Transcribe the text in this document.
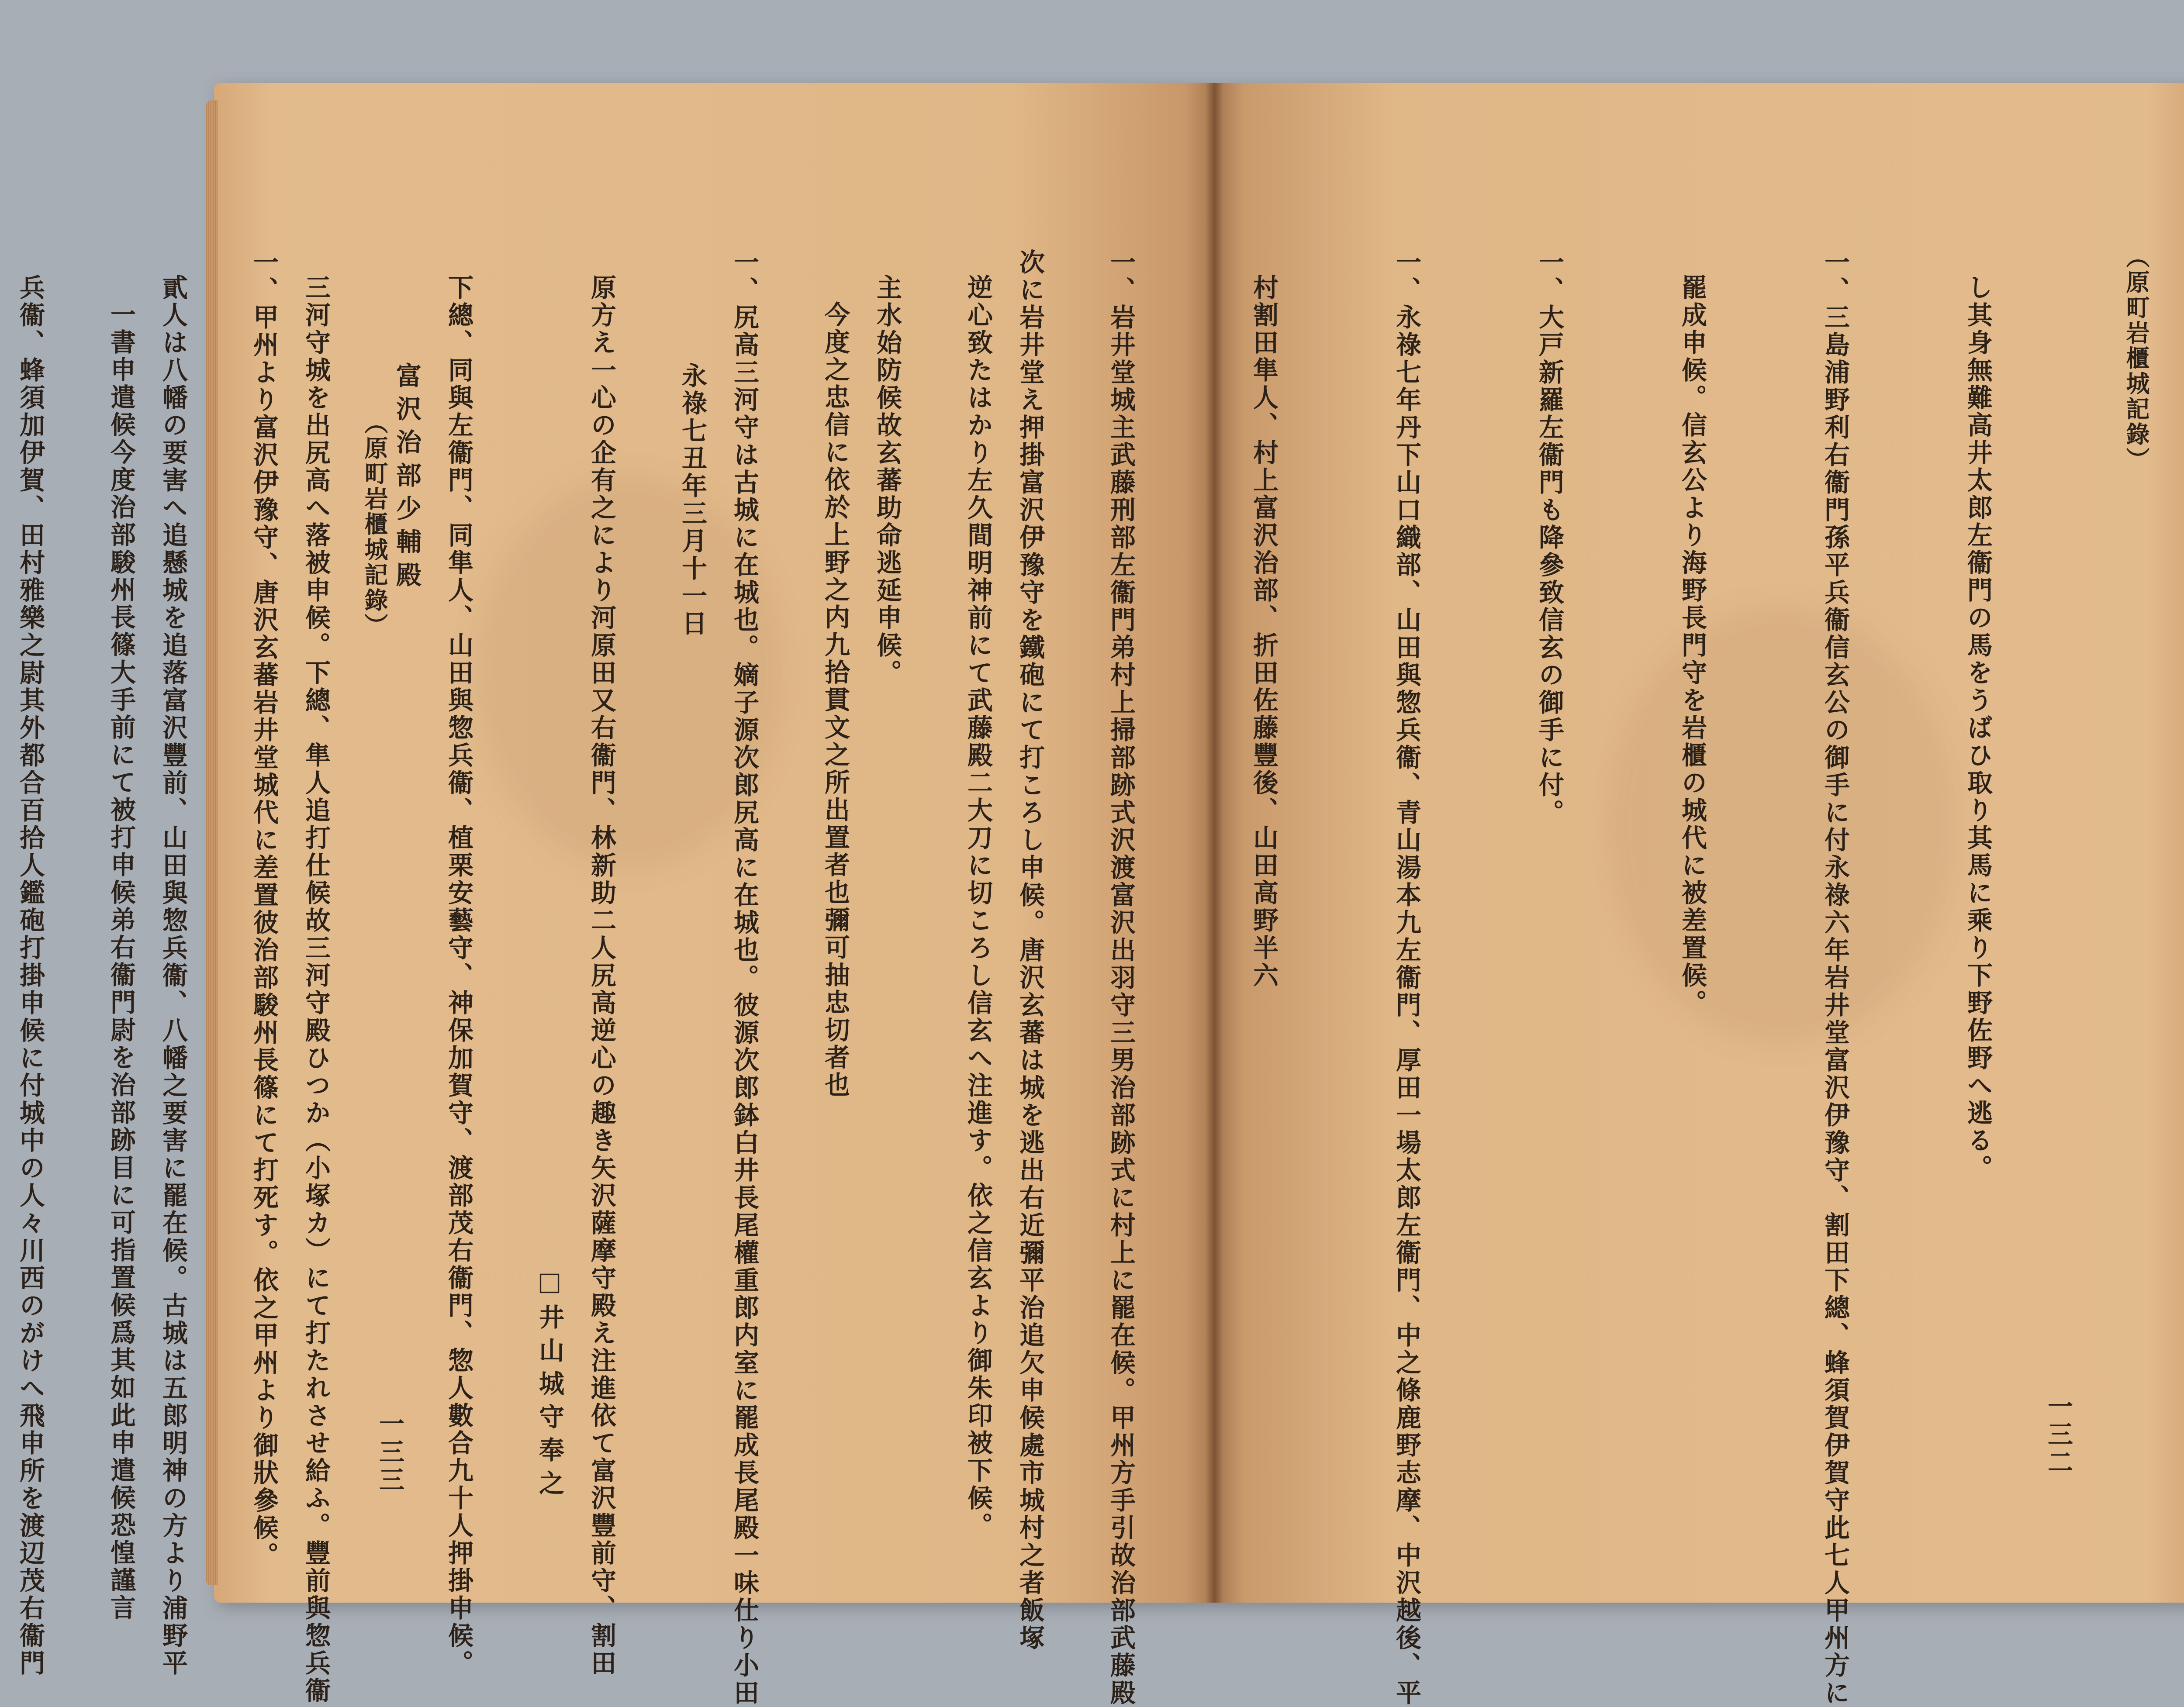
次に岩井堂え押掛富沢伊豫守を鐵砲にて打ころし申候。唐沢玄蕃は城を逃出右近彌平治追欠申候處市城村之者飯塚

主水始防候故玄蕃助命逃延申候。

一、尻高三河守は古城に在城也。嫡子源次郎尻高に在城也。彼源次郎鉢白井長尾權重郎内室に罷成長尾殿一味仕り小田

原方え一心の企有之により河原田又右衞門、林新助二人尻高逆心の趣き矢沢薩摩守殿え注進依て富沢豐前守、割田

下總、同與左衞門、同隼人、山田與惣兵衞、植栗安藝守、神保加賀守、渡部茂右衞門、惣人數合九十人押掛申候。

三河守城を出尻高へ落被申候。下總、隼人追打仕候故三河守殿ひつか（小塚カ）にて打たれさせ給ふ。豐前與惣兵衞

貳人は八幡の要害へ追懸城を追落富沢豐前、山田與惣兵衞、八幡之要害に罷在候。古城は五郎明神の方より浦野平

兵衞、蜂須加伊賀、田村雅樂之尉其外都合百拾人鑑砲打掛申候に付城中の人々川西のがけへ飛申所を渡辺茂右衞門

	（原町岩櫃城記錄）
一三三

し其身無難高井太郎左衞門の馬をうばひ取り其馬に乘り下野佐野へ逃る。

一、三島浦野利右衞門孫平兵衞信玄公の御手に付永祿六年岩井堂富沢伊豫守、割田下總、蜂須賀伊賀守此七人甲州方に

罷成申候。信玄公より海野長門守を岩櫃の城代に被差置候。

一、大戸新羅左衞門も降參致信玄の御手に付。

一、永祿七年丹下山口織部、山田與惣兵衞、青山湯本九左衞門、厚田一場太郎左衞門、中之條鹿野志摩、中沢越後、平

村割田隼人、村上富沢治部、折田佐藤豐後、山田高野半六

一、岩井堂城主武藤刑部左衞門弟村上掃部跡式沢渡富沢出羽守三男治部跡式に村上に罷在候。甲州方手引故治部武藤殿

逆心致たはかり左久間明神前にて武藤殿二大刀に切ころし信玄へ注進す。依之信玄より御朱印被下候。

今度之忠信に依於上野之内九拾貫文之所出置者也彌可抽忠切者也

永祿七丑年三月十一日

□井山城守奉之

富沢治部少輔殿

一、甲州より富沢伊豫守、唐沢玄蕃岩井堂城代に差置彼治部駿州長篠にて打死す。依之甲州より御狀參候。

一書申遣候今度治部駿州長篠大手前にて被打申候弟右衞門尉を治部跡目に可指置候爲其如此申遣候恐惶謹言

	（原町岩櫃城記錄）
一三二
